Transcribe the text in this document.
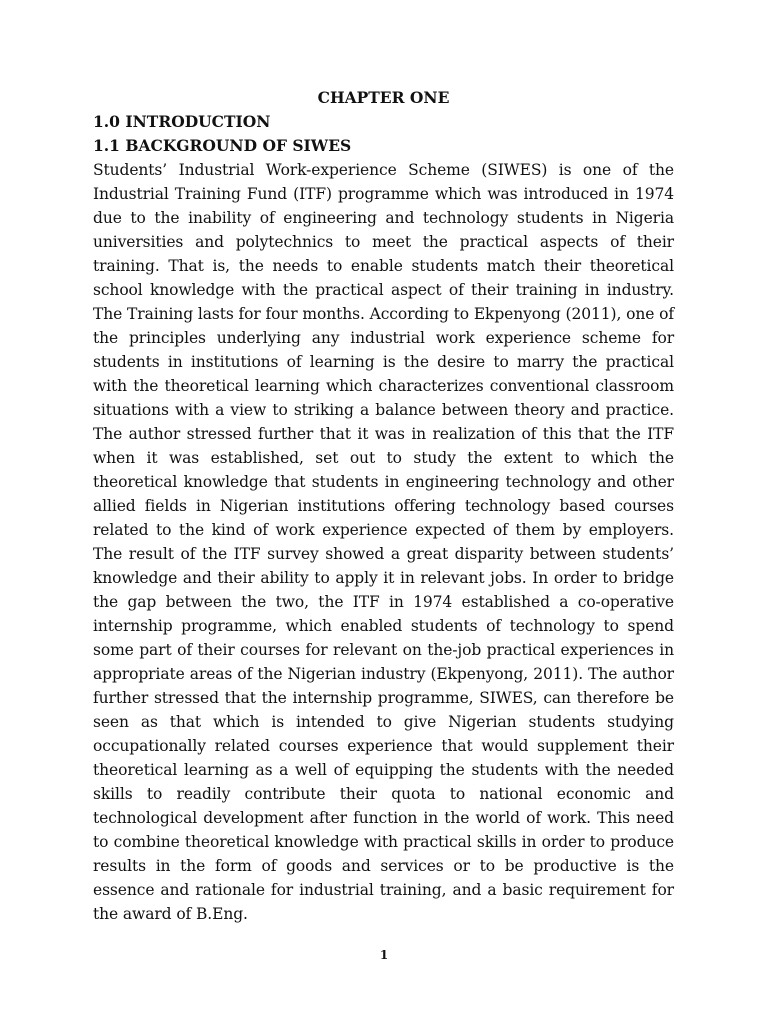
CHAPTER ONE
1.0 INTRODUCTION
1.1 BACKGROUND OF SIWES

Students’ Industrial Work-experience Scheme (SIWES) is one of the Industrial Training Fund (ITF) programme which was introduced in 1974 due to the inability of engineering and technology students in Nigeria universities and polytechnics to meet the practical aspects of their training. That is, the needs to enable students match their theoretical school knowledge with the practical aspect of their training in industry. The Training lasts for four months. According to Ekpenyong (2011), one of the principles underlying any industrial work experience scheme for students in institutions of learning is the desire to marry the practical with the theoretical learning which characterizes conventional classroom situations with a view to striking a balance between theory and practice. The author stressed further that it was in realization of this that the ITF when it was established, set out to study the extent to which the theoretical knowledge that students in engineering technology and other allied fields in Nigerian institutions offering technology based courses related to the kind of work experience expected of them by employers. The result of the ITF survey showed a great disparity between students’ knowledge and their ability to apply it in relevant jobs. In order to bridge the gap between the two, the ITF in 1974 established a co-operative internship programme, which enabled students of technology to spend some part of their courses for relevant on the-job practical experiences in appropriate areas of the Nigerian industry (Ekpenyong, 2011). The author further stressed that the internship programme, SIWES, can therefore be seen as that which is intended to give Nigerian students studying occupationally related courses experience that would supplement their theoretical learning as a well of equipping the students with the needed skills to readily contribute their quota to national economic and technological development after function in the world of work. This need to combine theoretical knowledge with practical skills in order to produce results in the form of goods and services or to be productive is the essence and rationale for industrial training, and a basic requirement for the award of B.Eng.

1
